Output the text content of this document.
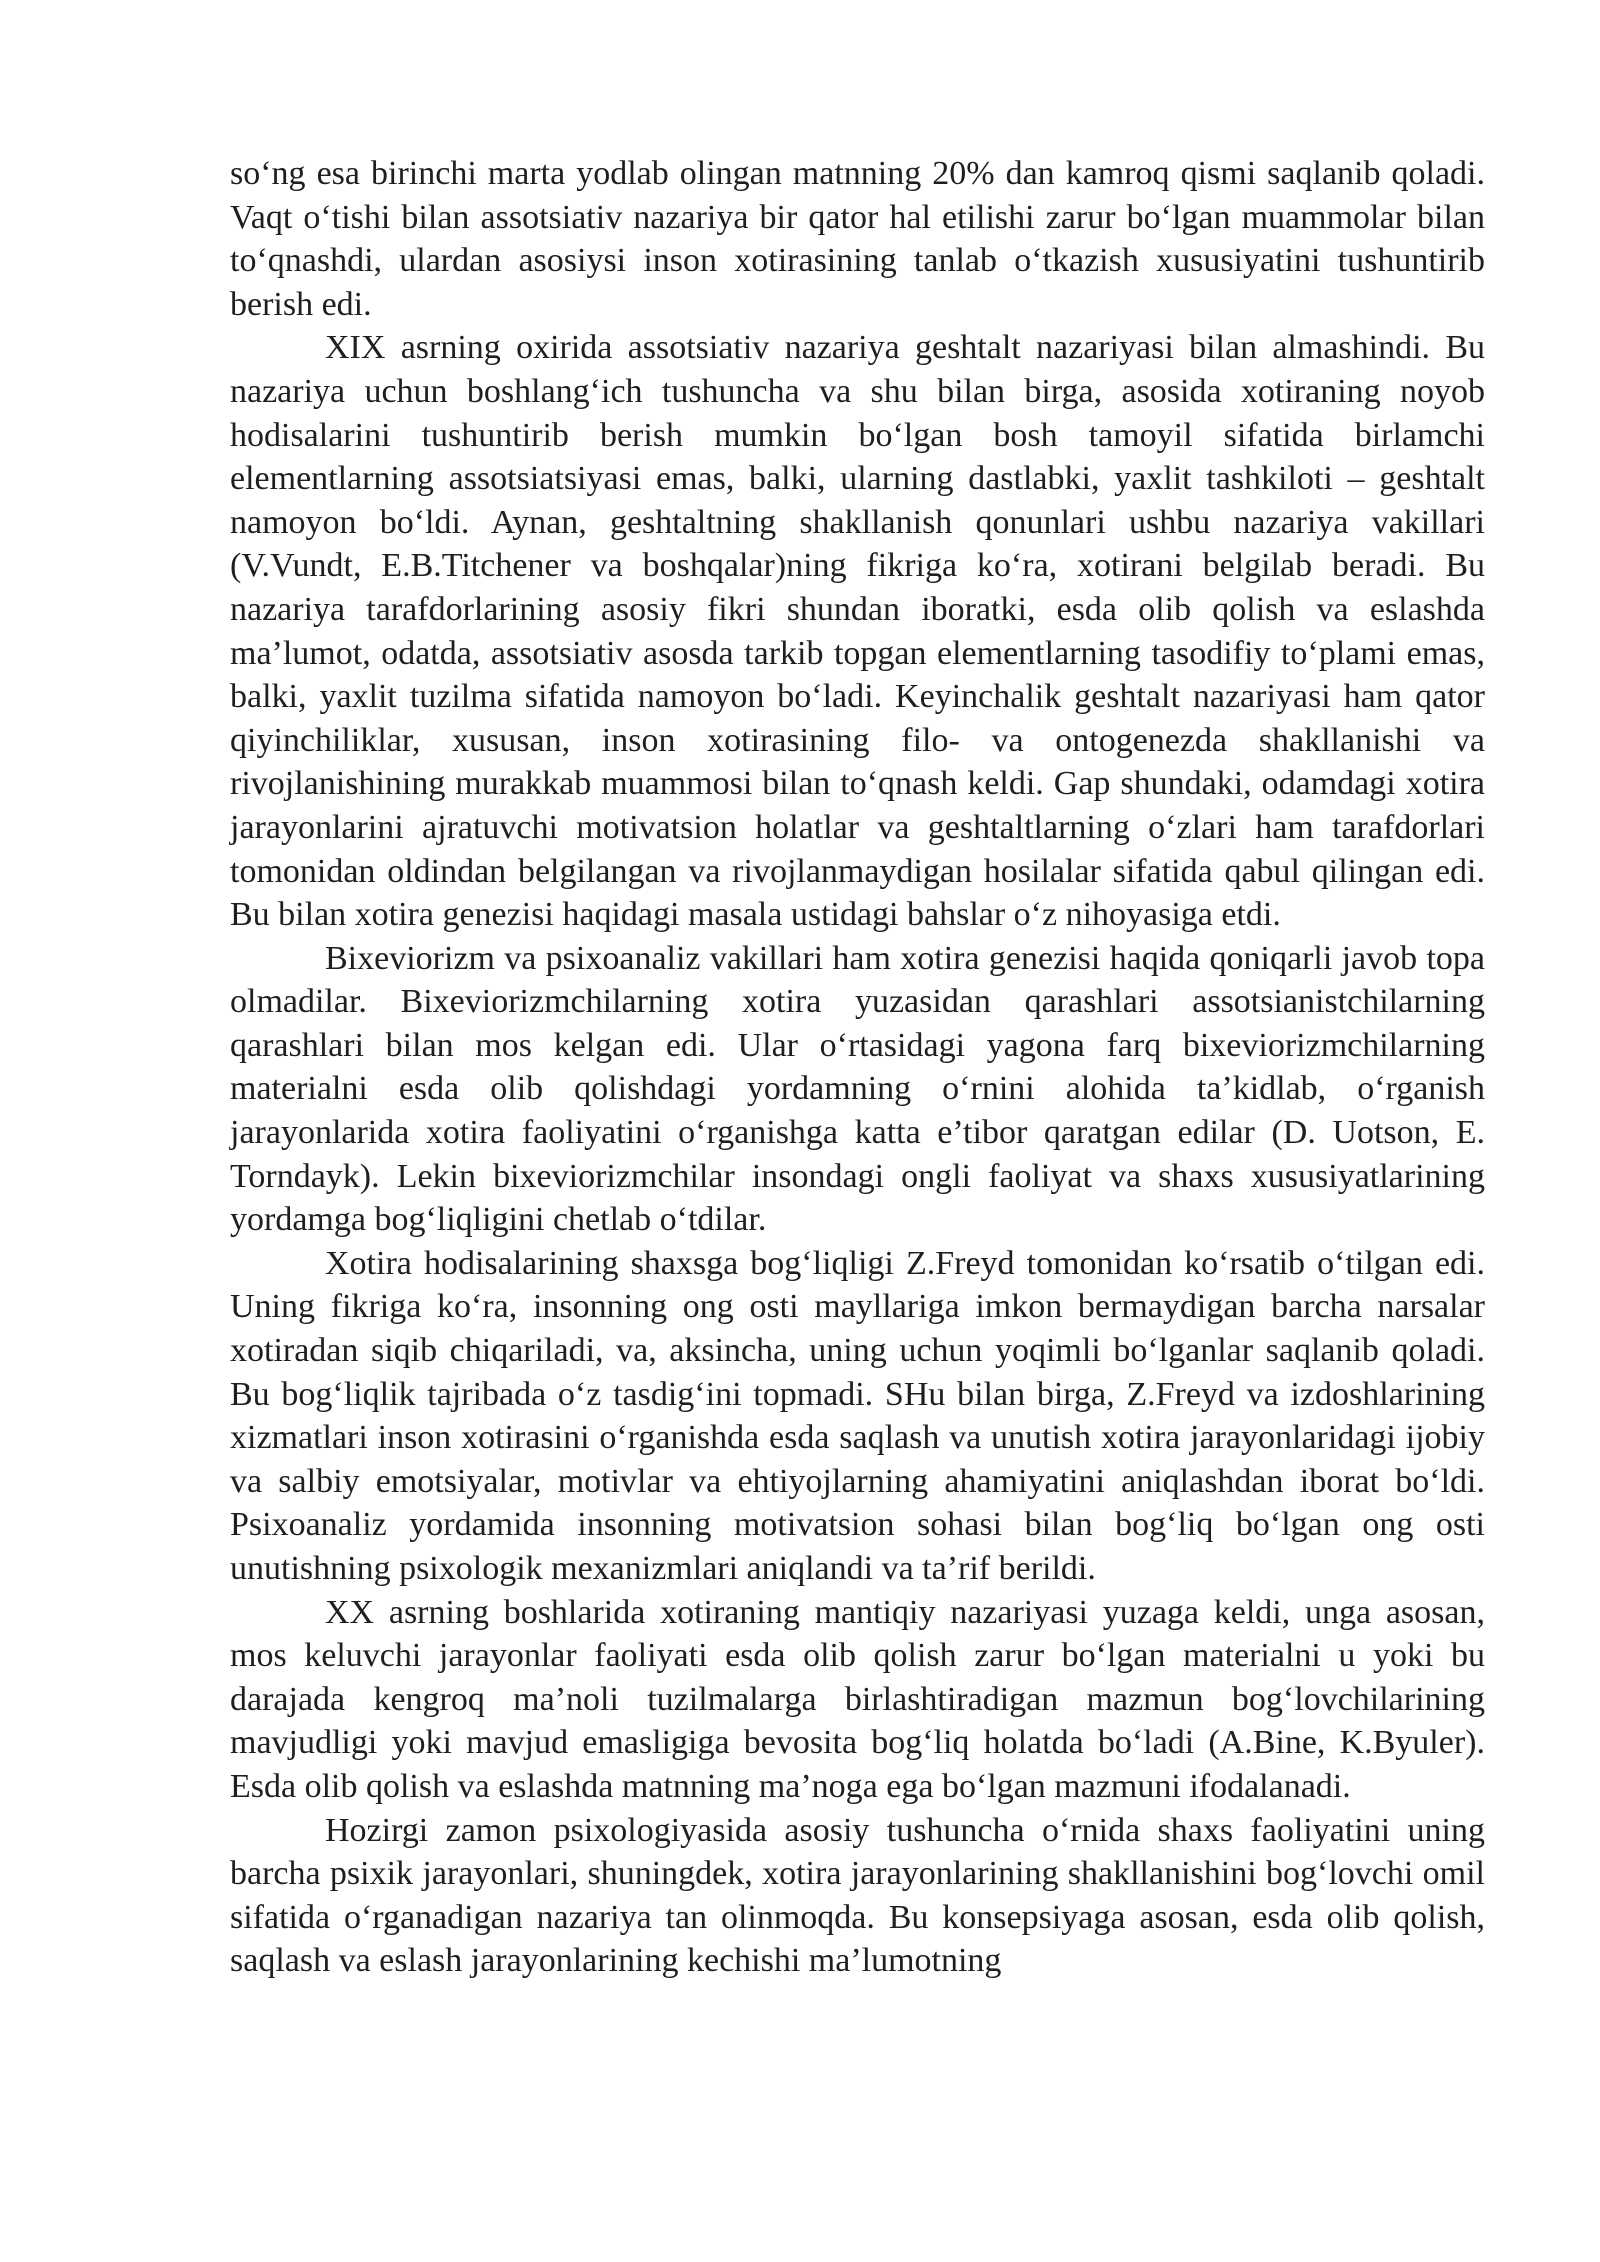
so‘ng esa birinchi marta yodlab olingan matnning 20% dan kamroq qismi saqlanib qoladi. Vaqt o‘tishi bilan assotsiativ nazariya bir qator hal etilishi zarur bo‘lgan muammolar bilan to‘qnashdi, ulardan asosiysi inson xotirasining tanlab o‘tkazish xususiyatini tushuntirib berish edi.

XIX asrning oxirida assotsiativ nazariya geshtalt nazariyasi bilan almashindi. Bu nazariya uchun boshlang‘ich tushuncha va shu bilan birga, asosida xotiraning noyob hodisalarini tushuntirib berish mumkin bo‘lgan bosh tamoyil sifatida birlamchi elementlarning assotsiatsiyasi emas, balki, ularning dastlabki, yaxlit tashkiloti – geshtalt namoyon bo‘ldi. Aynan, geshtaltning shakllanish qonunlari ushbu nazariya vakillari (V.Vundt, E.B.Titchener va boshqalar)ning fikriga ko‘ra, xotirani belgilab beradi. Bu nazariya tarafdorlarining asosiy fikri shundan iboratki, esda olib qolish va eslashda ma’lumot, odatda, assotsiativ asosda tarkib topgan elementlarning tasodifiy to‘plami emas, balki, yaxlit tuzilma sifatida namoyon bo‘ladi. Keyinchalik geshtalt nazariyasi ham qator qiyinchiliklar, xususan, inson xotirasining filo- va ontogenezda shakllanishi va rivojlanishining murakkab muammosi bilan to‘qnash keldi. Gap shundaki, odamdagi xotira jarayonlarini ajratuvchi motivatsion holatlar va geshtaltlarning o‘zlari ham tarafdorlari tomonidan oldindan belgilangan va rivojlanmaydigan hosilalar sifatida qabul qilingan edi. Bu bilan xotira genezisi haqidagi masala ustidagi bahslar o‘z nihoyasiga etdi.

Bixeviorizm va psixoanaliz vakillari ham xotira genezisi haqida qoniqarli javob topa olmadilar. Bixeviorizmchilarning xotira yuzasidan qarashlari assotsianistchilarning qarashlari bilan mos kelgan edi. Ular o‘rtasidagi yagona farq bixeviorizmchilarning materialni esda olib qolishdagi yordamning o‘rnini alohida ta’kidlab, o‘rganish jarayonlarida xotira faoliyatini o‘rganishga katta e’tibor qaratgan edilar (D. Uotson, E. Torndayk). Lekin bixeviorizmchilar insondagi ongli faoliyat va shaxs xususiyatlarining yordamga bog‘liqligini chetlab o‘tdilar.

Xotira hodisalarining shaxsga bog‘liqligi Z.Freyd tomonidan ko‘rsatib o‘tilgan edi. Uning fikriga ko‘ra, insonning ong osti mayllariga imkon bermaydigan barcha narsalar xotiradan siqib chiqariladi, va, aksincha, uning uchun yoqimli bo‘lganlar saqlanib qoladi. Bu bog‘liqlik tajribada o‘z tasdig‘ini topmadi. SHu bilan birga, Z.Freyd va izdoshlarining xizmatlari inson xotirasini o‘rganishda esda saqlash va unutish xotira jarayonlaridagi ijobiy va salbiy emotsiyalar, motivlar va ehtiyojlarning ahamiyatini aniqlashdan iborat bo‘ldi. Psixoanaliz yordamida insonning motivatsion sohasi bilan bog‘liq bo‘lgan ong osti unutishning psixologik mexanizmlari aniqlandi va ta’rif berildi.

XX asrning boshlarida xotiraning mantiqiy nazariyasi yuzaga keldi, unga asosan, mos keluvchi jarayonlar faoliyati esda olib qolish zarur bo‘lgan materialni u yoki bu darajada kengroq ma’noli tuzilmalarga birlashtiradigan mazmun bog‘lovchilarining mavjudligi yoki mavjud emasligiga bevosita bog‘liq holatda bo‘ladi (A.Bine, K.Byuler). Esda olib qolish va eslashda matnning ma’noga ega bo‘lgan mazmuni ifodalanadi.

Hozirgi zamon psixologiyasida asosiy tushuncha o‘rnida shaxs faoliyatini uning barcha psixik jarayonlari, shuningdek, xotira jarayonlarining shakllanishini bog‘lovchi omil sifatida o‘rganadigan nazariya tan olinmoqda. Bu konsepsiyaga asosan, esda olib qolish, saqlash va eslash jarayonlarining kechishi ma’lumotning
